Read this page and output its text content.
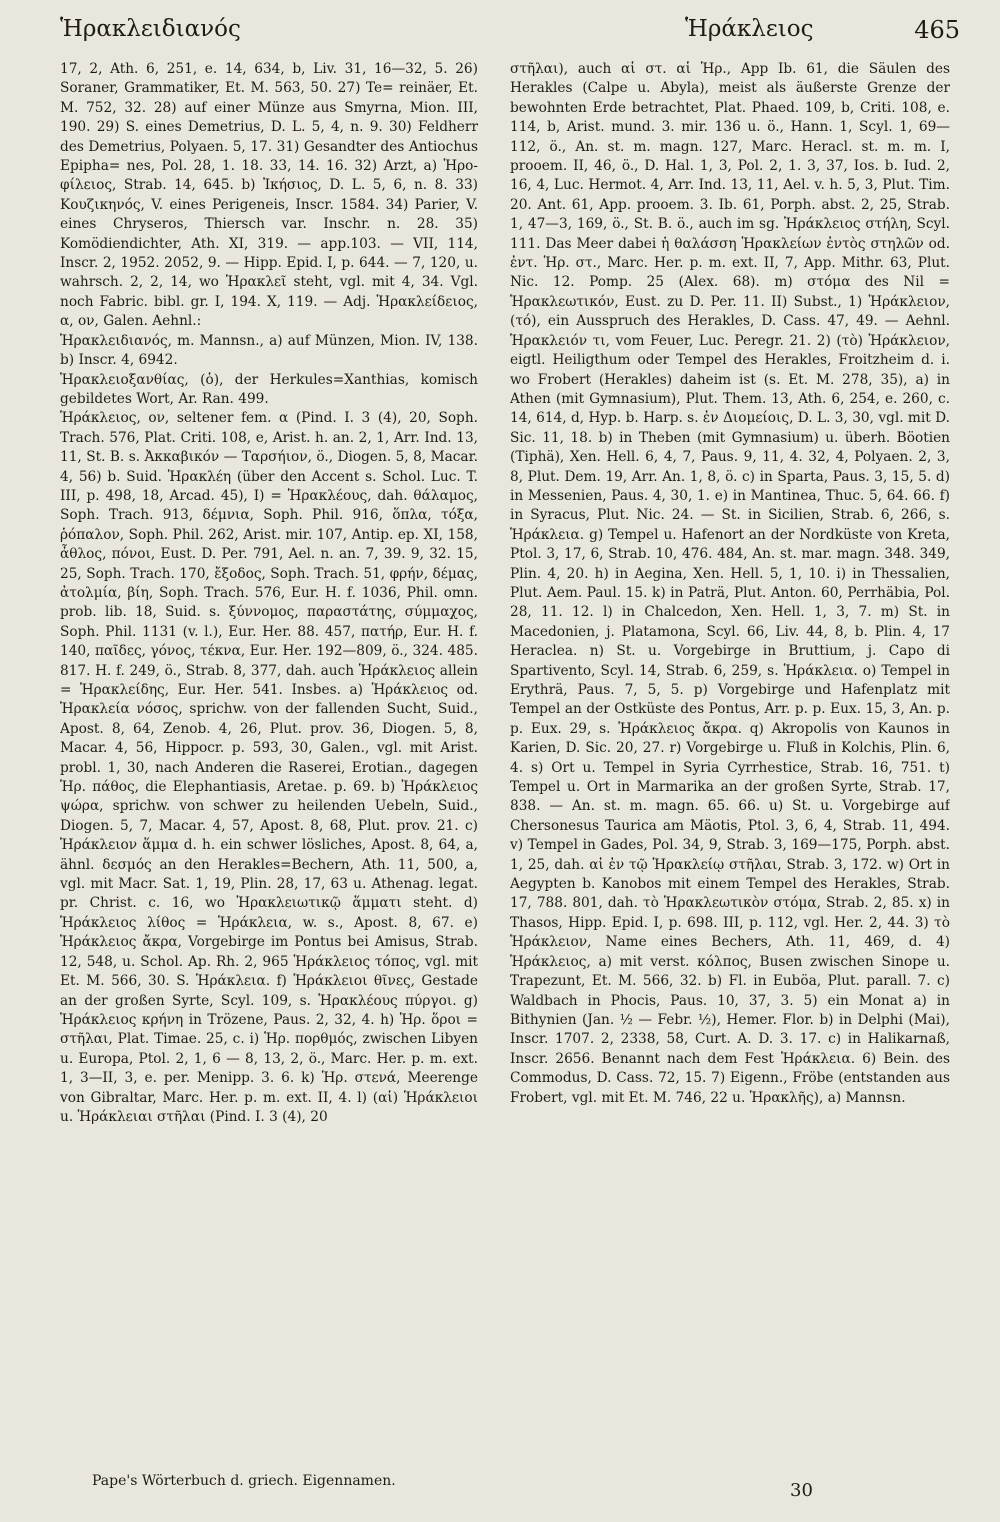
Ἡρακλειδιανός	Ἡράκλειος	465

17, 2, Ath. 6, 251, e. 14, 634, b, Liv. 31, 16—32, 5. 26) Soraner, Grammatiker, Et. M. 563, 50. 27) Te= reinäer, Et. M. 752, 32. 28) auf einer Münze aus Smyrna, Mion. III, 190. 29) S. eines Demetrius, D. L. 5, 4, n. 9. 30) Feldherr des Demetrius, Polyaen. 5, 17. 31) Gesandter des Antiochus Epipha= nes, Pol. 28, 1. 18. 33, 14. 16. 32) Arzt, a) Ἡρο- φίλειος, Strab. 14, 645. b) Ἰκήσιος, D. L. 5, 6, n. 8. 33) Κουζικηνός, V. eines Perigeneis, Inscr. 1584. 34) Parier, V. eines Chryseros, Thiersch var. Inschr. n. 28. 35) Komödiendichter, Ath. XI, 319. — app.103. — VII, 114, Inscr. 2, 1952. 2052, 9. — Hipp. Epid. I, p. 644. — 7, 120, u. wahrsch. 2, 2, 14, wo Ἡρακλεῖ steht, vgl. mit 4, 34. Vgl. noch Fabric. bibl. gr. I, 194. X, 119. — Adj. Ἡρακλείδειος, α, ον, Galen. Aehnl.:

Ἡρακλειδιανός, m. Mannsn., a) auf Münzen, Mion. IV, 138. b) Inscr. 4, 6942.

Ἡρακλειοξανθίας, (ὁ), der Herkules=Xanthias, komisch gebildetes Wort, Ar. Ran. 499.

Ἡράκλειος, ον, seltener fem. α (Pind. I. 3 (4), 20, Soph. Trach. 576, Plat. Criti. 108, e, Arist. h. an. 2, 1, Arr. Ind. 13, 11, St. B. s. Ἀκκαβικόν — Ταρσήιον, ö., Diogen. 5, 8, Macar. 4, 56) b. Suid. Ἡρακλέη (über den Accent s. Schol. Luc. T. III, p. 498, 18, Arcad. 45), I) = Ἡρακλέους, dah. θάλαμος, Soph. Trach. 913, δέμνια, Soph. Phil. 916, ὅπλα, τόξα, ῥόπαλον, Soph. Phil. 262, Arist. mir. 107, Antip. ep. XI, 158, ἆθλος, πόνοι, Eust. D. Per. 791, Ael. n. an. 7, 39. 9, 32. 15, 25, Soph. Trach. 170, ἔξοδος, Soph. Trach. 51, φρήν, δέμας, ἀτολμία, βίη, Soph. Trach. 576, Eur. H. f. 1036, Phil. omn. prob. lib. 18, Suid. s. ξύννομος, παραστάτης, σύμμαχος, Soph. Phil. 1131 (v. l.), Eur. Her. 88. 457, πατήρ, Eur. H. f. 140, παῖδες, γόνος, τέκνα, Eur. Her. 192—809, ö., 324. 485. 817. H. f. 249, ö., Strab. 8, 377, dah. auch Ἡράκλειος allein = Ἡρακλείδης, Eur. Her. 541. Insbes. a) Ἡράκλειος od. Ἡρακλεία νόσος, sprichw. von der fallenden Sucht, Suid., Apost. 8, 64, Zenob. 4, 26, Plut. prov. 36, Diogen. 5, 8, Macar. 4, 56, Hippocr. p. 593, 30, Galen., vgl. mit Arist. probl. 1, 30, nach Anderen die Raserei, Erotian., dagegen Ἡρ. πάθος, die Elephantiasis, Aretae. p. 69. b) Ἡράκλειος ψώρα, sprichw. von schwer zu heilenden Uebeln, Suid., Diogen. 5, 7, Macar. 4, 57, Apost. 8, 68, Plut. prov. 21. c) Ἡράκλειον ἅμμα d. h. ein schwer lösliches, Apost. 8, 64, a, ähnl. δεσμός an den Herakles=Bechern, Ath. 11, 500, a, vgl. mit Macr. Sat. 1, 19, Plin. 28, 17, 63 u. Athenag. legat. pr. Christ. c. 16, wo Ἡρακλειωτικῷ ἅμματι steht. d) Ἡράκλειος λίθος = Ἡράκλεια, w. s., Apost. 8, 67. e) Ἡράκλειος ἄκρα, Vorgebirge im Pontus bei Amisus, Strab. 12, 548, u. Schol. Ap. Rh. 2, 965 Ἡράκλειος τόπος, vgl. mit Et. M. 566, 30. S. Ἡράκλεια. f) Ἡράκλειοι θῖνες, Gestade an der großen Syrte, Scyl. 109, s. Ἡρακλέους πύργοι. g) Ἡράκλειος κρήνη in Trözene, Paus. 2, 32, 4. h) Ἡρ. ὅροι = στῆλαι, Plat. Timae. 25, c. i) Ἡρ. πορθμός, zwischen Libyen u. Europa, Ptol. 2, 1, 6 — 8, 13, 2, ö., Marc. Her. p. m. ext. 1, 3—II, 3, e. per. Menipp. 3. 6. k) Ἡρ. στενά, Meerenge von Gibraltar, Marc. Her. p. m. ext. II, 4. l) (αἱ) Ἡράκλειοι u. Ἡράκλειαι στῆλαι (Pind. I. 3 (4), 20

στῆλαι), auch αἱ στ. αἱ Ἡρ., App Ib. 61, die Säulen des Herakles (Calpe u. Abyla), meist als äußerste Grenze der bewohnten Erde betrachtet, Plat. Phaed. 109, b, Criti. 108, e. 114, b, Arist. mund. 3. mir. 136 u. ö., Hann. 1, Scyl. 1, 69—112, ö., An. st. m. magn. 127, Marc. Heracl. st. m. m. I, prooem. II, 46, ö., D. Hal. 1, 3, Pol. 2, 1. 3, 37, Ios. b. Iud. 2, 16, 4, Luc. Hermot. 4, Arr. Ind. 13, 11, Ael. v. h. 5, 3, Plut. Tim. 20. Ant. 61, App. prooem. 3. Ib. 61, Porph. abst. 2, 25, Strab. 1, 47—3, 169, ö., St. B. ö., auch im sg. Ἡράκλειος στήλη, Scyl. 111. Das Meer dabei ἡ θαλάσση Ἡρακλείων ἐντὸς στηλῶν od. ἐντ. Ἡρ. στ., Marc. Her. p. m. ext. II, 7, App. Mithr. 63, Plut. Nic. 12. Pomp. 25 (Alex. 68). m) στόμα des Nil = Ἡρακλεωτικόν, Eust. zu D. Per. 11. II) Subst., 1) Ἡράκλειον, (τό), ein Ausspruch des Herakles, D. Cass. 47, 49. — Aehnl. Ἡρακλειόν τι, vom Feuer, Luc. Peregr. 21. 2) (τὸ) Ἡράκλειον, eigtl. Heiligthum oder Tempel des Herakles, Froitzheim d. i. wo Frobert (Herakles) daheim ist (s. Et. M. 278, 35), a) in Athen (mit Gymnasium), Plut. Them. 13, Ath. 6, 254, e. 260, c. 14, 614, d, Hyp. b. Harp. s. ἐν Διομείοις, D. L. 3, 30, vgl. mit D. Sic. 11, 18. b) in Theben (mit Gymnasium) u. überh. Böotien (Tiphä), Xen. Hell. 6, 4, 7, Paus. 9, 11, 4. 32, 4, Polyaen. 2, 3, 8, Plut. Dem. 19, Arr. An. 1, 8, ö. c) in Sparta, Paus. 3, 15, 5. d) in Messenien, Paus. 4, 30, 1. e) in Mantinea, Thuc. 5, 64. 66. f) in Syracus, Plut. Nic. 24. — St. in Sicilien, Strab. 6, 266, s. Ἡράκλεια. g) Tempel u. Hafenort an der Nordküste von Kreta, Ptol. 3, 17, 6, Strab. 10, 476. 484, An. st. mar. magn. 348. 349, Plin. 4, 20. h) in Aegina, Xen. Hell. 5, 1, 10. i) in Thessalien, Plut. Aem. Paul. 15. k) in Paträ, Plut. Anton. 60, Perrhäbia, Pol. 28, 11. 12. l) in Chalcedon, Xen. Hell. 1, 3, 7. m) St. in Macedonien, j. Platamona, Scyl. 66, Liv. 44, 8, b. Plin. 4, 17 Heraclea. n) St. u. Vorgebirge in Bruttium, j. Capo di Spartivento, Scyl. 14, Strab. 6, 259, s. Ἡράκλεια. o) Tempel in Erythrä, Paus. 7, 5, 5. p) Vorgebirge und Hafenplatz mit Tempel an der Ostküste des Pontus, Arr. p. p. Eux. 15, 3, An. p. p. Eux. 29, s. Ἡράκλειος ἄκρα. q) Akropolis von Kaunos in Karien, D. Sic. 20, 27. r) Vorgebirge u. Fluß in Kolchis, Plin. 6, 4. s) Ort u. Tempel in Syria Cyrrhestice, Strab. 16, 751. t) Tempel u. Ort in Marmarika an der großen Syrte, Strab. 17, 838. — An. st. m. magn. 65. 66. u) St. u. Vorgebirge auf Chersonesus Taurica am Mäotis, Ptol. 3, 6, 4, Strab. 11, 494. v) Tempel in Gades, Pol. 34, 9, Strab. 3, 169—175, Porph. abst. 1, 25, dah. αἱ ἐν τῷ Ἡρακλείῳ στῆλαι, Strab. 3, 172. w) Ort in Aegypten b. Kanobos mit einem Tempel des Herakles, Strab. 17, 788. 801, dah. τὸ Ἡρακλεωτικὸν στόμα, Strab. 2, 85. x) in Thasos, Hipp. Epid. I, p. 698. III, p. 112, vgl. Her. 2, 44. 3) τὸ Ἡράκλειον, Name eines Bechers, Ath. 11, 469, d. 4) Ἡράκλειος, a) mit verst. κόλπος, Busen zwischen Sinope u. Trapezunt, Et. M. 566, 32. b) Fl. in Euböa, Plut. parall. 7. c) Waldbach in Phocis, Paus. 10, 37, 3. 5) ein Monat a) in Bithynien (Jan. ½ — Febr. ½), Hemer. Flor. b) in Delphi (Mai), Inscr. 1707. 2, 2338, 58, Curt. A. D. 3. 17. c) in Halikarnaß, Inscr. 2656. Benannt nach dem Fest Ἡράκλεια. 6) Bein. des Commodus, D. Cass. 72, 15. 7) Eigenn., Fröbe (entstanden aus Frobert, vgl. mit Et. M. 746, 22 u. Ἡρακλῆς), a) Mannsn.

Pape's Wörterbuch d. griech. Eigennamen.	30
